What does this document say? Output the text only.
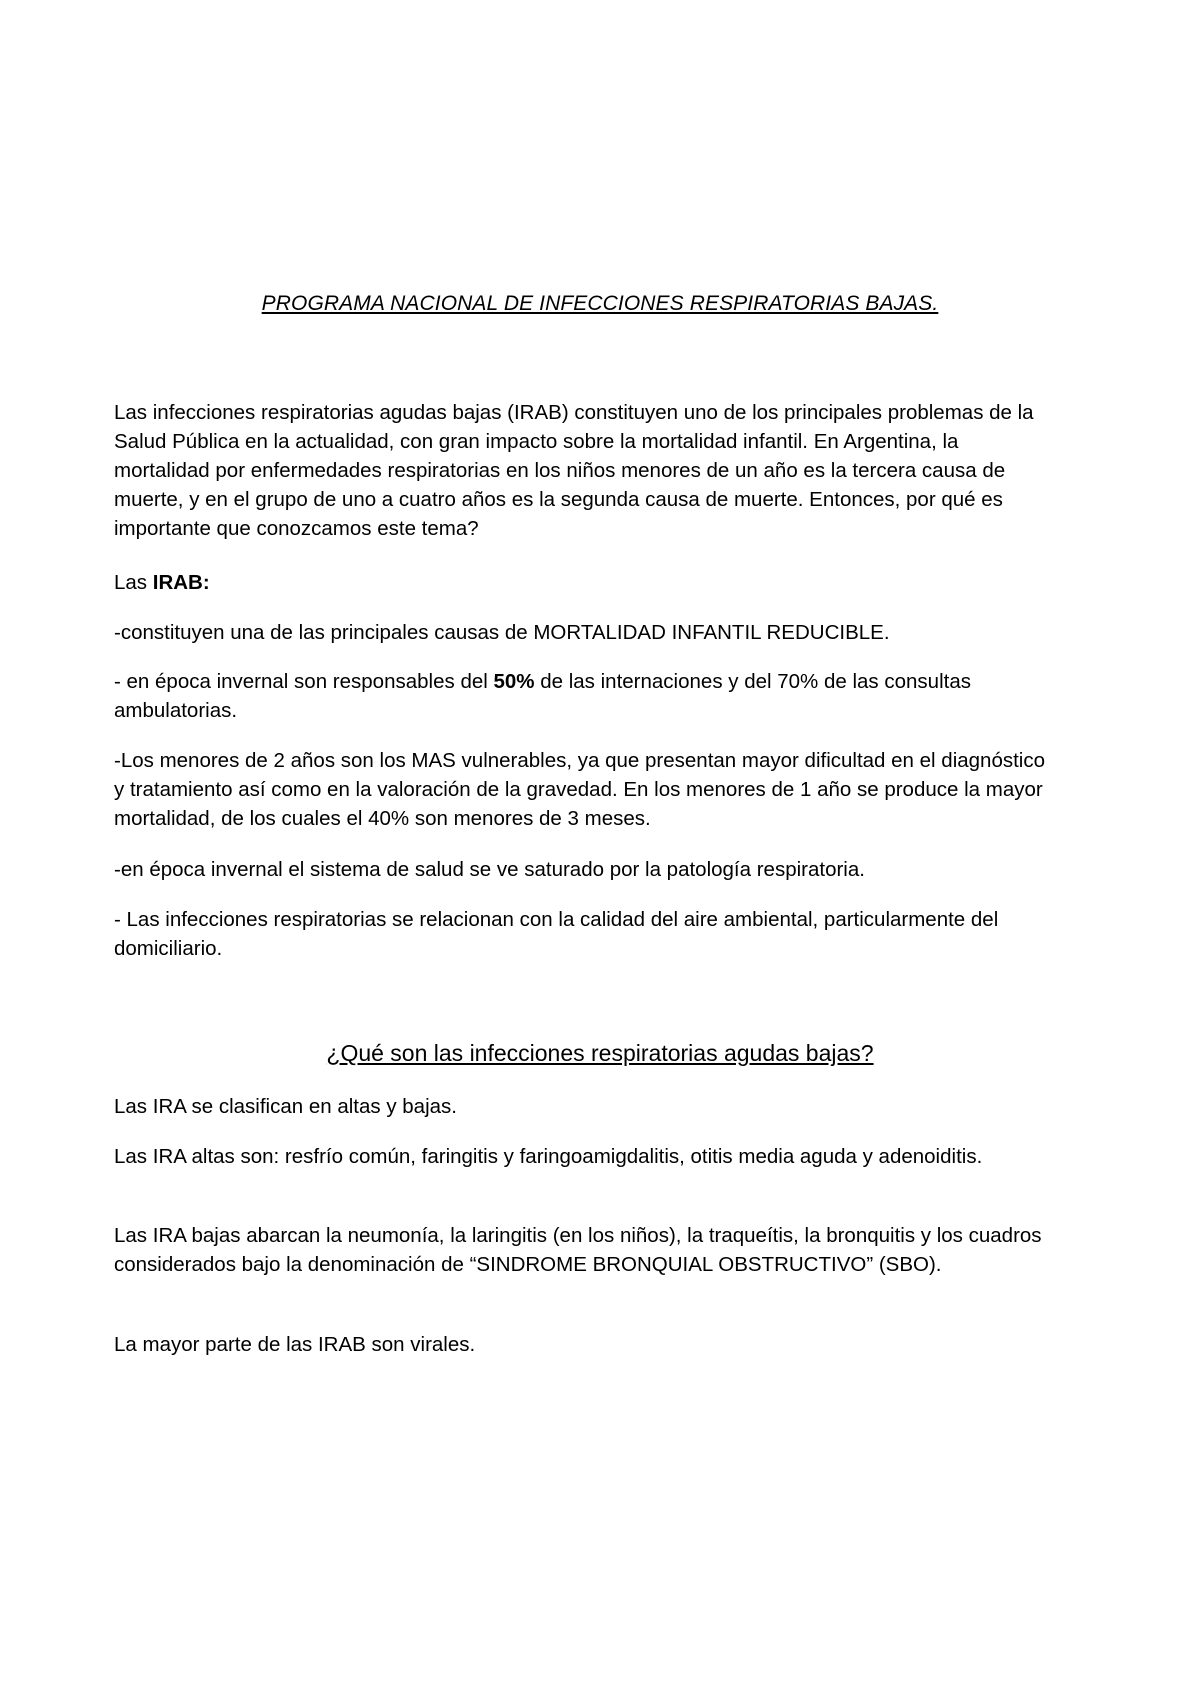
PROGRAMA NACIONAL DE INFECCIONES RESPIRATORIAS BAJAS.

Las infecciones respiratorias agudas bajas (IRAB) constituyen uno de los principales problemas de la Salud Pública en la actualidad, con gran impacto sobre la mortalidad infantil. En Argentina, la mortalidad por enfermedades respiratorias en los niños menores de un año es la tercera causa de muerte, y en el grupo de uno a cuatro años es la segunda causa de muerte. Entonces, por qué es importante que conozcamos este tema?

Las IRAB:

-constituyen una de las principales causas de MORTALIDAD INFANTIL REDUCIBLE.

- en época invernal son responsables del 50% de las internaciones y del 70% de las consultas ambulatorias.

-Los menores de 2 años son los MAS vulnerables, ya que presentan mayor dificultad en el diagnóstico y tratamiento así como en la valoración de la gravedad. En los menores de 1 año se produce la mayor mortalidad, de los cuales el 40% son menores de 3 meses.

-en época invernal el sistema de salud se ve saturado por la patología respiratoria.

- Las infecciones respiratorias se relacionan con la calidad del aire ambiental, particularmente del domiciliario.

¿Qué son las infecciones respiratorias agudas bajas?

Las IRA se clasifican en altas y bajas.

Las IRA altas son: resfrío común, faringitis y faringoamigdalitis, otitis media aguda y adenoiditis.

Las IRA bajas abarcan la neumonía, la laringitis (en los niños), la traqueítis, la bronquitis y los cuadros considerados bajo la denominación de “SINDROME BRONQUIAL OBSTRUCTIVO” (SBO).

La mayor parte de las IRAB son virales.
